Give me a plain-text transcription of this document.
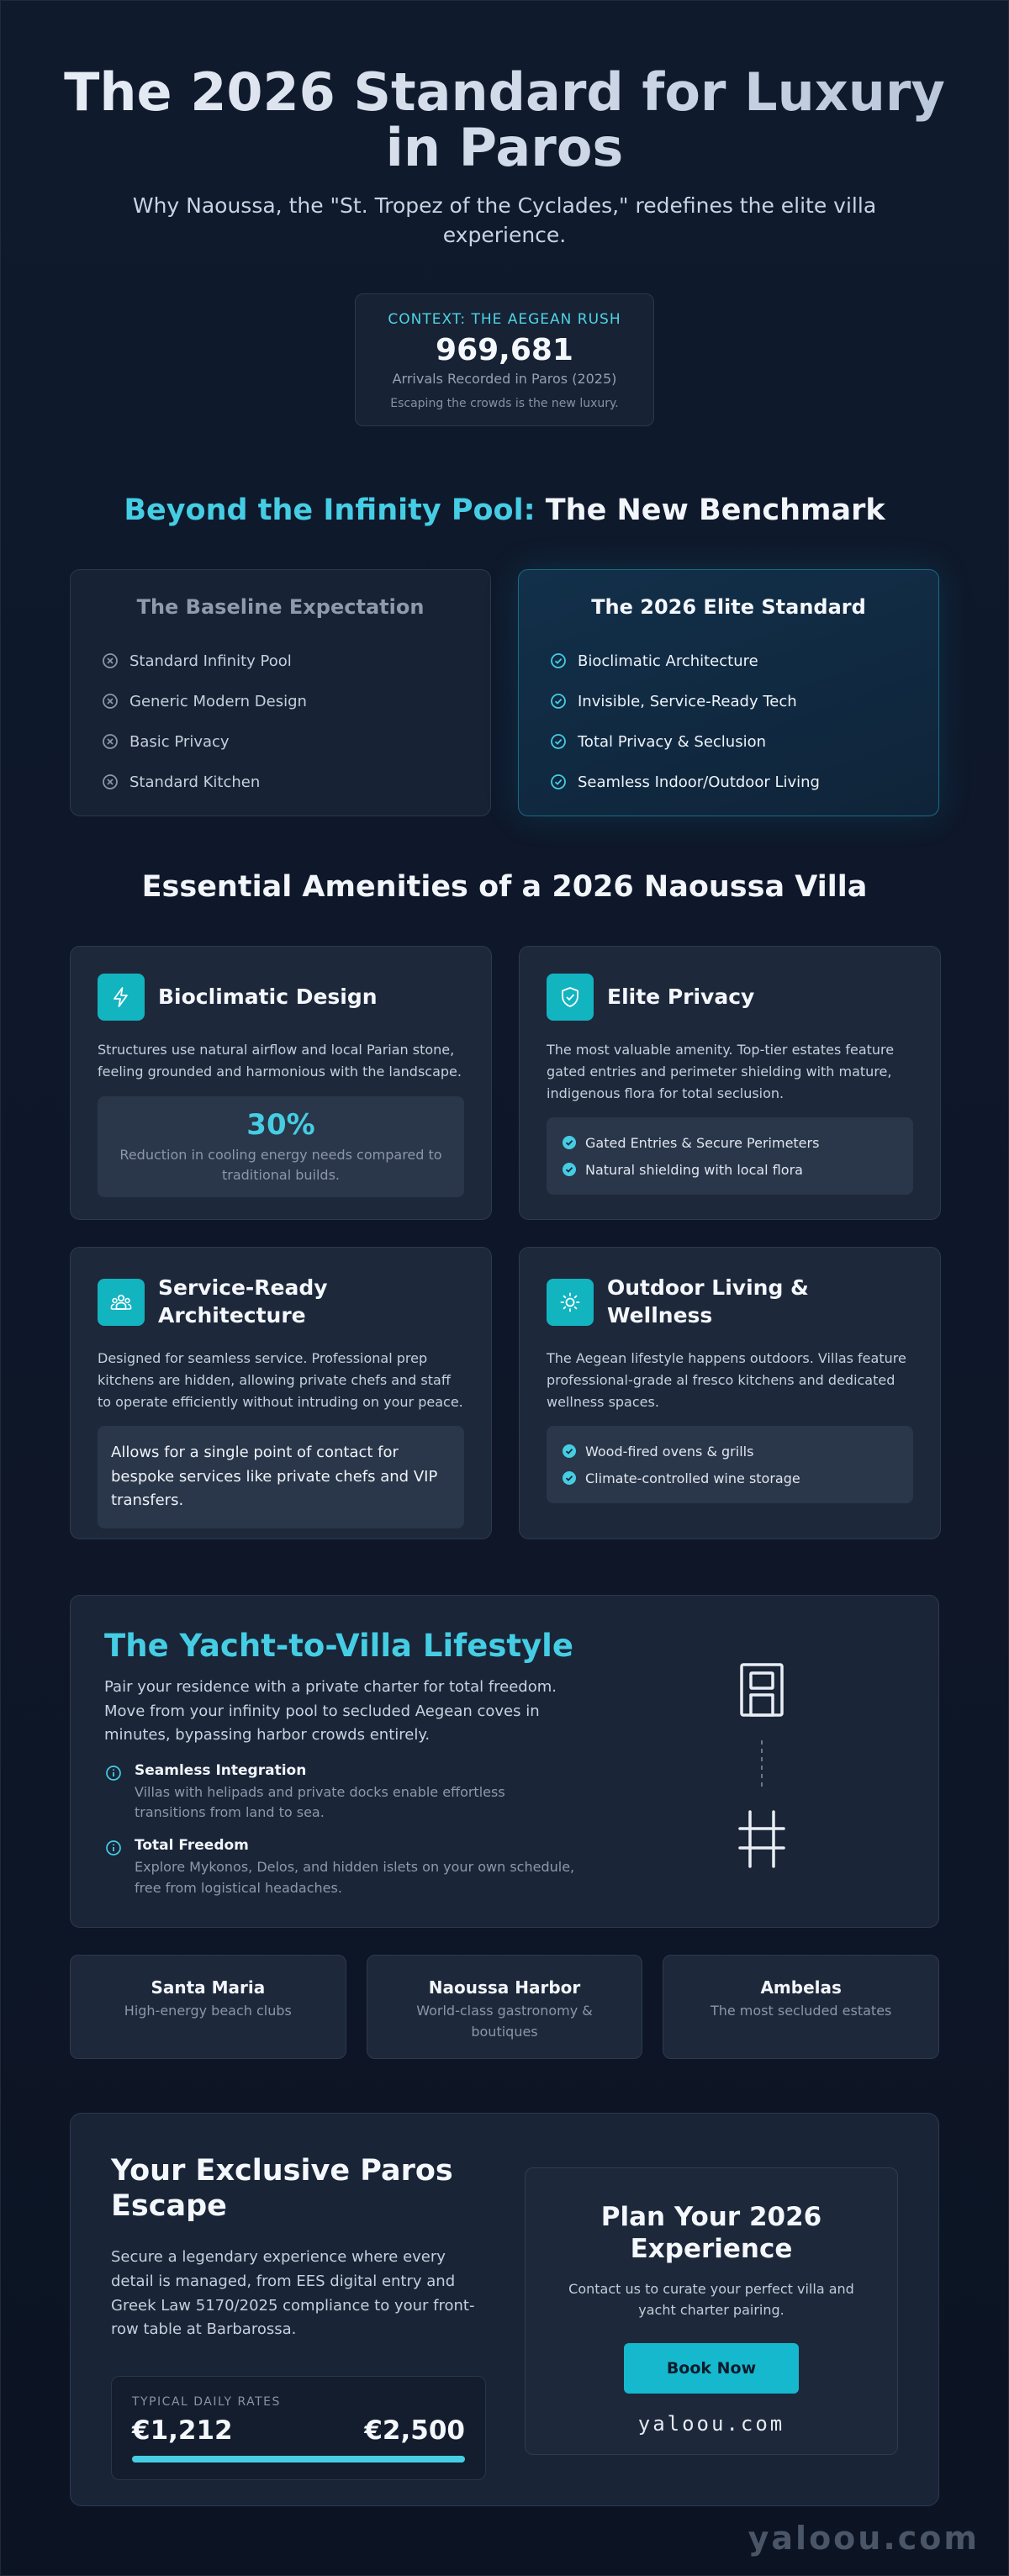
The 2026 Standard for Luxury in Paros

Why Naoussa, the "St. Tropez of the Cyclades," redefines the elite villa experience.

CONTEXT: THE AEGEAN RUSH
969,681
Arrivals Recorded in Paros (2025)
Escaping the crowds is the new luxury.
Beyond the Infinity Pool: The New Benchmark
The Baseline Expectation
Standard Infinity Pool
Generic Modern Design
Basic Privacy
Standard Kitchen
The 2026 Elite Standard
Bioclimatic Architecture
Invisible, Service-Ready Tech
Total Privacy & Seclusion
Seamless Indoor/Outdoor Living
Essential Amenities of a 2026 Naoussa Villa
Bioclimatic Design

Structures use natural airflow and local Parian stone, feeling grounded and harmonious with the landscape.

30%
Reduction in cooling energy needs compared to traditional builds.
Elite Privacy

The most valuable amenity. Top-tier estates feature gated entries and perimeter shielding with mature, indigenous flora for total seclusion.

Gated Entries & Secure Perimeters
Natural shielding with local flora
Service-Ready Architecture

Designed for seamless service. Professional prep kitchens are hidden, allowing private chefs and staff to operate efficiently without intruding on your peace.

Allows for a single point of contact for bespoke services like private chefs and VIP transfers.
Outdoor Living & Wellness

The Aegean lifestyle happens outdoors. Villas feature professional-grade al fresco kitchens and dedicated wellness spaces.

Wood-fired ovens & grills
Climate-controlled wine storage
The Yacht-to-Villa Lifestyle

Pair your residence with a private charter for total freedom. Move from your infinity pool to secluded Aegean coves in minutes, bypassing harbor crowds entirely.

Seamless Integration
Villas with helipads and private docks enable effortless transitions from land to sea.
Total Freedom
Explore Mykonos, Delos, and hidden islets on your own schedule, free from logistical headaches.
Santa Maria
High-energy beach clubs
Naoussa Harbor
World-class gastronomy & boutiques
Ambelas
The most secluded estates
Your Exclusive Paros Escape

Secure a legendary experience where every detail is managed, from EES digital entry and Greek Law 5170/2025 compliance to your front-row table at Barbarossa.

TYPICAL DAILY RATES
€1,212	€2,500
Plan Your 2026 Experience

Contact us to curate your perfect villa and yacht charter pairing.

Book Now
yaloou.com
yaloou.com
